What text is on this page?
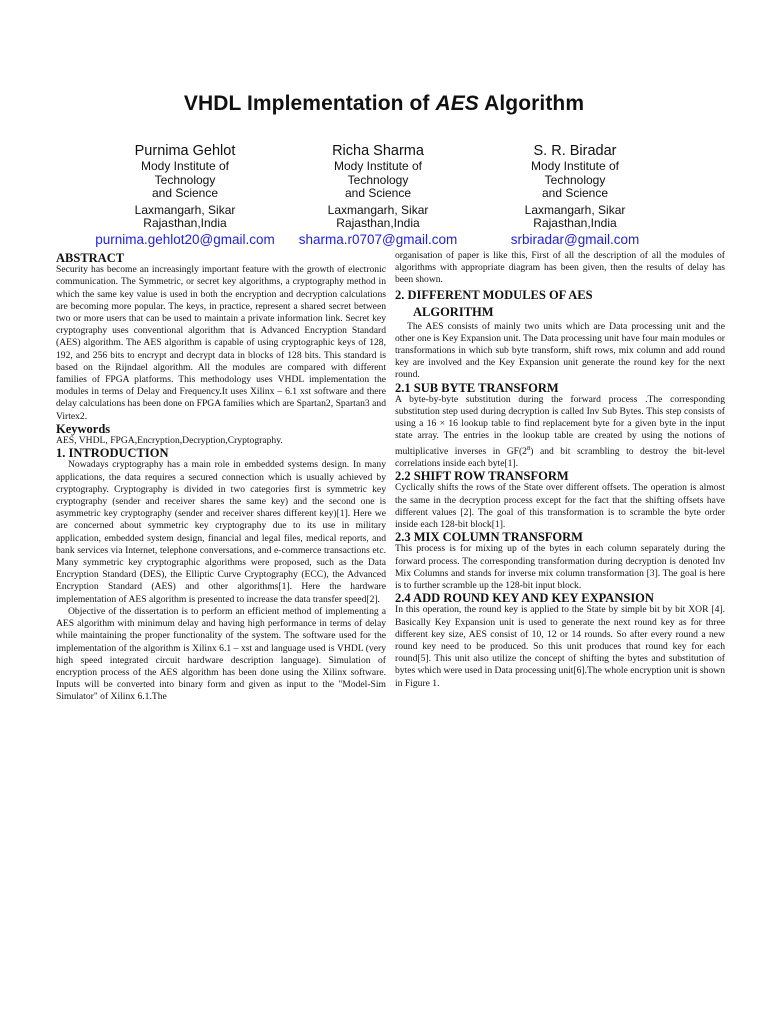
VHDL Implementation of AES Algorithm
Purnima Gehlot
Mody Institute of
Technology
and Science
Laxmangarh, Sikar
Rajasthan,India
purnima.gehlot20@gmail.com
Richa Sharma
Mody Institute of
Technology
and Science
Laxmangarh, Sikar
Rajasthan,India
sharma.r0707@gmail.com
S. R. Biradar
Mody Institute of
Technology
and Science
Laxmangarh, Sikar
Rajasthan,India
srbiradar@gmail.com
ABSTRACT

Security has become an increasingly important feature with the growth of electronic communication. The Symmetric, or secret key algorithms, a cryptography method in which the same key value is used in both the encryption and decryption calculations are becoming more popular. The keys, in practice, represent a shared secret between two or more users that can be used to maintain a private information link. Secret key cryptography uses conventional algorithm that is Advanced Encryption Standard (AES) algorithm. The AES algorithm is capable of using cryptographic keys of 128, 192, and 256 bits to encrypt and decrypt data in blocks of 128 bits. This standard is based on the Rijndael algorithm. All the modules are compared with different families of FPGA platforms. This methodology uses VHDL implementation the modules in terms of Delay and Frequency.It uses Xilinx – 6.1 xst software and there delay calculations has been done on FPGA families which are Spartan2, Spartan3 and Virtex2.

Keywords

AES, VHDL, FPGA,Encryption,Decryption,Cryptography.

1. INTRODUCTION

Nowadays cryptography has a main role in embedded systems design. In many applications, the data requires a secured connection which is usually achieved by cryptography. Cryptography is divided in two categories first is symmetric key cryptography (sender and receiver shares the same key) and the second one is asymmetric key cryptography (sender and receiver shares different key)[1]. Here we are concerned about symmetric key cryptography due to its use in military application, embedded system design, financial and legal files, medical reports, and bank services via Internet, telephone conversations, and e-commerce transactions etc. Many symmetric key cryptographic algorithms were proposed, such as the Data Encryption Standard (DES), the Elliptic Curve Cryptography (ECC), the Advanced Encryption Standard (AES) and other algorithms[1]. Here the hardware implementation of AES algorithm is presented to increase the data transfer speed[2].

Objective of the dissertation is to perform an efficient method of implementing a AES algorithm with minimum delay and having high performance in terms of delay while maintaining the proper functionality of the system. The software used for the implementation of the algorithm is Xilinx 6.1 – xst and language used is VHDL (very high speed integrated circuit hardware description language). Simulation of encryption process of the AES algorithm has been done using the Xilinx software. Inputs will be converted into binary form and given as input to the "Model-Sim Simulator" of Xilinx 6.1.The

organisation of paper is like this, First of all the description of all the modules of algorithms with appropriate diagram has been given, then the results of delay has been shown.

2. DIFFERENT MODULES OF AES
ALGORITHM

The AES consists of mainly two units which are Data processing unit and the other one is Key Expansion unit. The Data processing unit have four main modules or transformations in which sub byte transform, shift rows, mix column and add round key are involved and the Key Expansion unit generate the round key for the next round.

2.1 SUB BYTE TRANSFORM

A byte-by-byte substitution during the forward process .The corresponding substitution step used during decryption is called Inv Sub Bytes. This step consists of using a 16 × 16 lookup table to find replacement byte for a given byte in the input state array. The entries in the lookup table are created by using the notions of multiplicative inverses in $GF(2^8)$ and bit scrambling to destroy the bit-level correlations inside each byte[1].

2.2 SHIFT ROW TRANSFORM

Cyclically shifts the rows of the State over different offsets. The operation is almost the same in the decryption process except for the fact that the shifting offsets have different values [2]. The goal of this transformation is to scramble the byte order inside each 128-bit block[1].

2.3 MIX COLUMN TRANSFORM

This process is for mixing up of the bytes in each column separately during the forward process. The corresponding transformation during decryption is denoted Inv Mix Columns and stands for inverse mix column transformation [3]. The goal is here is to further scramble up the 128-bit input block.

2.4 ADD ROUND KEY AND KEY EXPANSION

In this operation, the round key is applied to the State by simple bit by bit XOR [4]. Basically Key Expansion unit is used to generate the next round key as for three different key size, AES consist of 10, 12 or 14 rounds. So after every round a new round key need to be produced. So this unit produces that round key for each round[5]. This unit also utilize the concept of shifting the bytes and substitution of bytes which were used in Data processing unit[6].The whole encryption unit is shown in Figure 1.
